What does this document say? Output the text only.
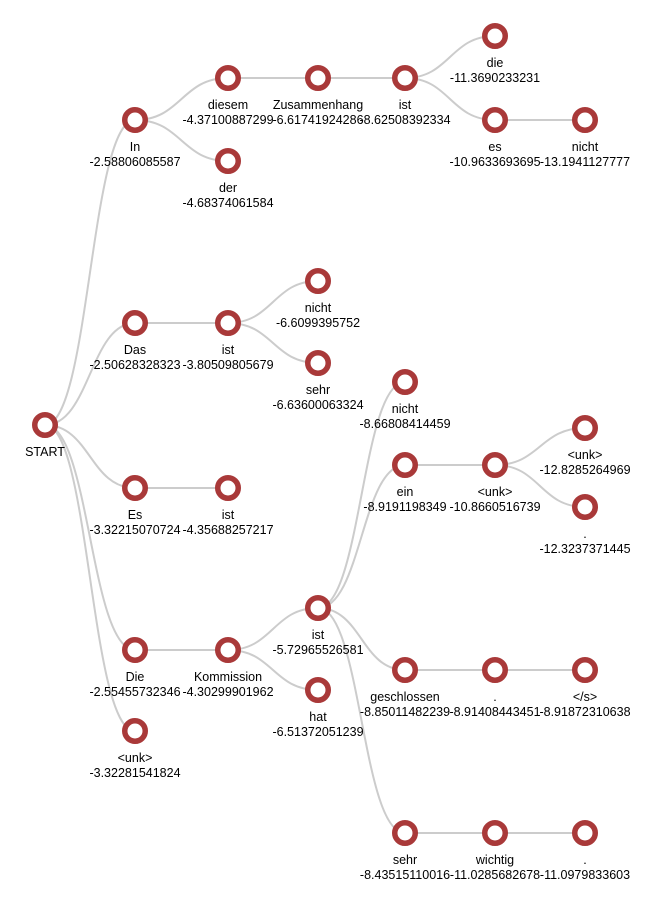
START
In
-2.58806085587
Das
-2.50628328323
Es
-3.32215070724
Die
-2.55455732346
<unk>
-3.32281541824
diesem
-4.37100887299
der
-4.68374061584
Zusammenhang
-6.61741924286
ist
-8.62508392334
die
-11.3690233231
es
-10.9633693695
nicht
-13.1941127777
ist
-3.80509805679
nicht
-6.6099395752
sehr
-6.63600063324
ist
-4.35688257217
Kommission
-4.30299901962
ist
-5.72965526581
hat
-6.51372051239
nicht
-8.66808414459
ein
-8.9191198349
<unk>
-10.8660516739
<unk>
-12.8285264969
.
-12.3237371445
geschlossen
-8.85011482239
.
-8.91408443451
</s>
-8.91872310638
sehr
-8.43515110016
wichtig
-11.0285682678
.
-11.0979833603
